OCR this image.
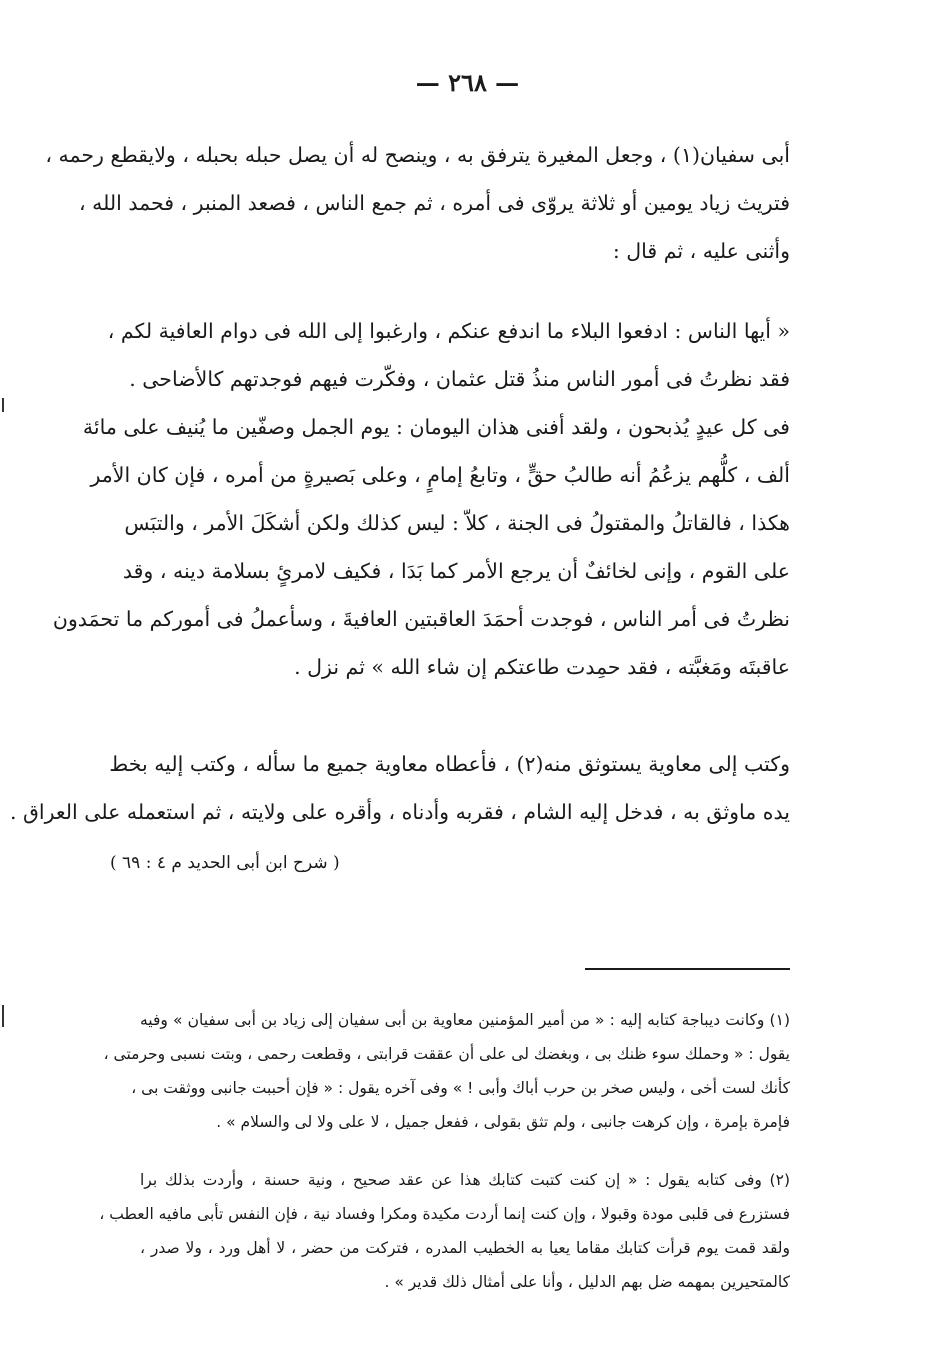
— ٢٦٨ —
أبى سفيان(١) ، وجعل المغيرة يترفق به ، وينصح له أن يصل حبله بحبله ، ولايقطع رحمه ،
فتريث زياد يومين أو ثلاثة يروّى فى أمره ، ثم جمع الناس ، فصعد المنبر ، فحمد الله ،
وأثنى عليه ، ثم قال :
« أيها الناس : ادفعوا البلاء ما اندفع عنكم ، وارغبوا إلى الله فى دوام العافية لكم ،
فقد نظرتُ فى أمور الناس منذُ قتل عثمان ، وفكّرت فيهم فوجدتهم كالأضاحى .
فى كل عيدٍ يُذبحون ، ولقد أفنى هذان اليومان : يوم الجمل وصفّين ما يُنيف على مائة
ألف ، كلُّهم يزعُمُ أنه طالبُ حقٍّ ، وتابعُ إمامٍ ، وعلى بَصيرةٍ من أمره ، فإن كان الأمر
هكذا ، فالقاتلُ والمقتولُ فى الجنة ، كلاّ : ليس كذلك ولكن أشكَلَ الأمر ، والتبَس
على القوم ، وإنى لخائفٌ أن يرجع الأمر كما بَدَا ، فكيف لامرئٍ بسلامة دينه ، وقد
نظرتُ فى أمر الناس ، فوجدت أحمَدَ العاقبتين العافيةَ ، وسأعملُ فى أموركم ما تحمَدون
عاقبتَه ومَغبَّته ، فقد حمِدت طاعتكم إن شاء الله » ثم نزل .
وكتب إلى معاوية يستوثق منه(٢) ، فأعطاه معاوية جميع ما سأله ، وكتب إليه بخط
يده ماوثق به ، فدخل إليه الشام ، فقربه وأدناه ، وأقره على ولايته ، ثم استعمله على العراق .
( شرح ابن أبى الحديد م ٤ : ٦٩ )
(١) وكانت ديباجة كتابه إليه : « من أمير المؤمنين معاوية بن أبى سفيان إلى زياد بن أبى سفيان » وفيه
يقول : « وحملك سوء ظنك بى ، وبغضك لى على أن عققت قرابتى ، وقطعت رحمى ، وبتت نسبى وحرمتى ،
كأنك لست أخى ، وليس صخر بن حرب أباك وأبى ! » وفى آخره يقول : « فإن أحببت جانبى ووثقت بى ،
فإمرة بإمرة ، وإن كرهت جانبى ، ولم تثق بقولى ، ففعل جميل ، لا على ولا لى والسلام » .
(٢) وفى كتابه يقول : « إن كنت كتبت كتابك هذا عن عقد صحيح ، ونية حسنة ، وأردت بذلك برا
فستزرع فى قلبى مودة وقبولا ، وإن كنت إنما أردت مكيدة ومكرا وفساد نية ، فإن النفس تأبى مافيه العطب ،
ولقد قمت يوم قرأت كتابك مقاما يعيا به الخطيب المدره ، فتركت من حضر ، لا أهل ورد ، ولا صدر ،
كالمتحيرين بمهمه ضل بهم الدليل ، وأنا على أمثال ذلك قدير » .
